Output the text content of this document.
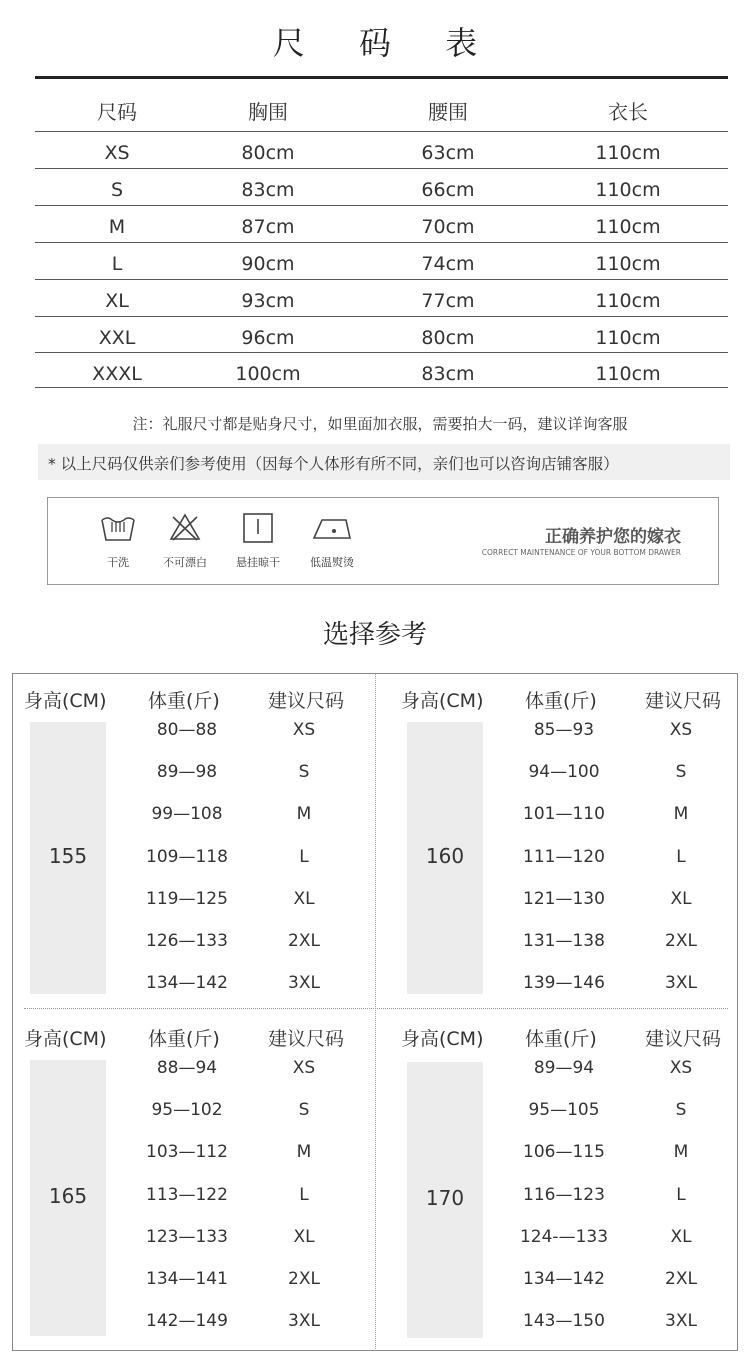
尺 码 表
尺码	胸围	腰围	衣长
XS	80cm	63cm	110cm
S	83cm	66cm	110cm
M	87cm	70cm	110cm
L	90cm	74cm	110cm
XL	93cm	77cm	110cm
XXL	96cm	80cm	110cm
XXXL	100cm	83cm	110cm
注：礼服尺寸都是贴身尺寸，如里面加衣服，需要拍大一码，建议详询客服
* 以上尺码仅供亲们参考使用（因每个人体形有所不同，亲们也可以咨询店铺客服）
干洗	不可漂白	悬挂晾干	低温熨烫
正确养护您的嫁衣
CORRECT MAINTENANCE OF YOUR BOTTOM DRAWER
选择参考
身高(CM) 体重(斤)	建议尺码
155
80—88	XS
89—98	S
99—108	M
109—118	L
119—125	XL
126—133	2XL
134—142	3XL
身高(CM) 体重(斤)	建议尺码
160
85—93	XS
94—100	S
101—110	M
111—120	L
121—130	XL
131—138	2XL
139—146	3XL
身高(CM) 体重(斤)	建议尺码
165
88—94	XS
95—102	S
103—112	M
113—122	L
123—133	XL
134—141	2XL
142—149	3XL
身高(CM) 体重(斤)	建议尺码
170
89—94	XS
95—105	S
106—115	M
116—123	L
124-—133	XL
134—142	2XL
143—150	3XL
